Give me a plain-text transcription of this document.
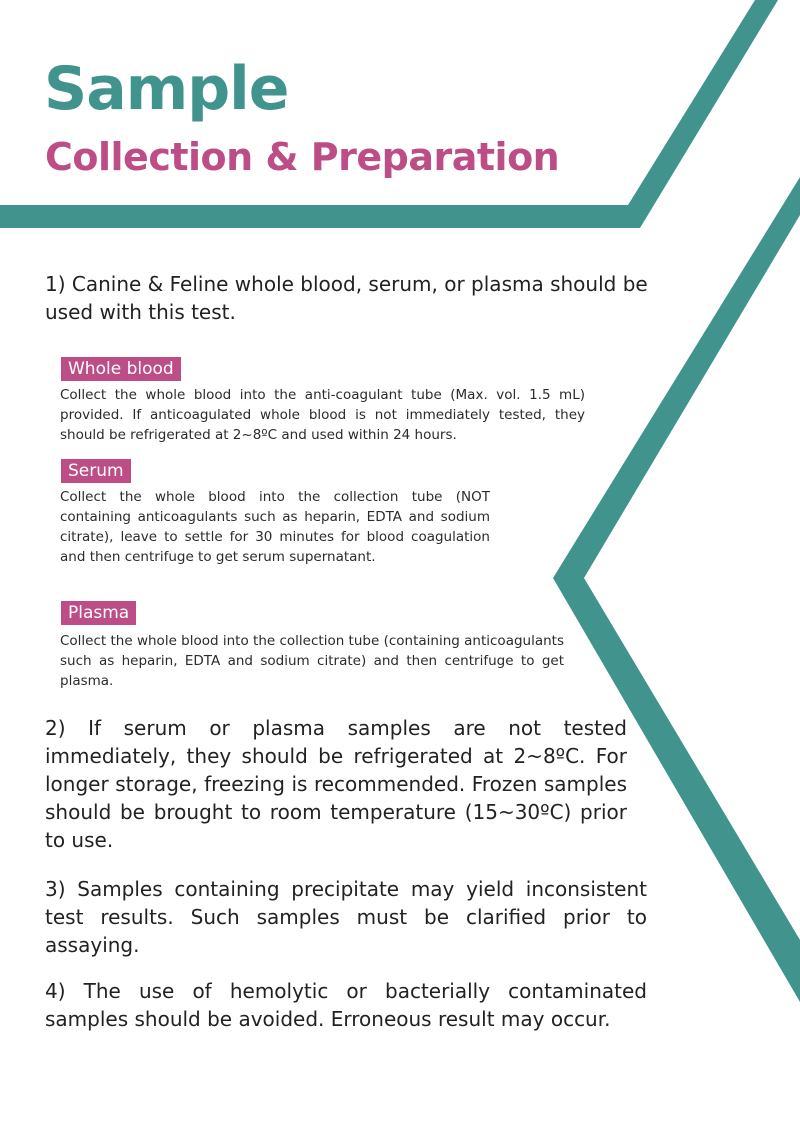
Sample
Collection & Preparation

1) Canine & Feline whole blood, serum, or plasma should be used with this test.

Whole blood

Collect the whole blood into the anti-coagulant tube (Max. vol. 1.5 mL) provided. If anticoagulated whole blood is not immediately tested, they should be refrigerated at 2~8ºC and used within 24 hours.

Serum

Collect the whole blood into the collection tube (NOT containing anticoagulants such as heparin, EDTA and sodium citrate), leave to settle for 30 minutes for blood coagulation and then centrifuge to get serum supernatant.

Plasma

Collect the whole blood into the collection tube (containing anticoagulants such as heparin, EDTA and sodium citrate) and then centrifuge to get plasma.

2) If serum or plasma samples are not tested immediately, they should be refrigerated at 2~8ºC. For longer storage, freezing is recommended. Frozen samples should be brought to room temperature (15~30ºC) prior to use.

3) Samples containing precipitate may yield inconsistent test results. Such samples must be clarified prior to assaying.

4) The use of hemolytic or bacterially contaminated samples should be avoided. Erroneous result may occur.
